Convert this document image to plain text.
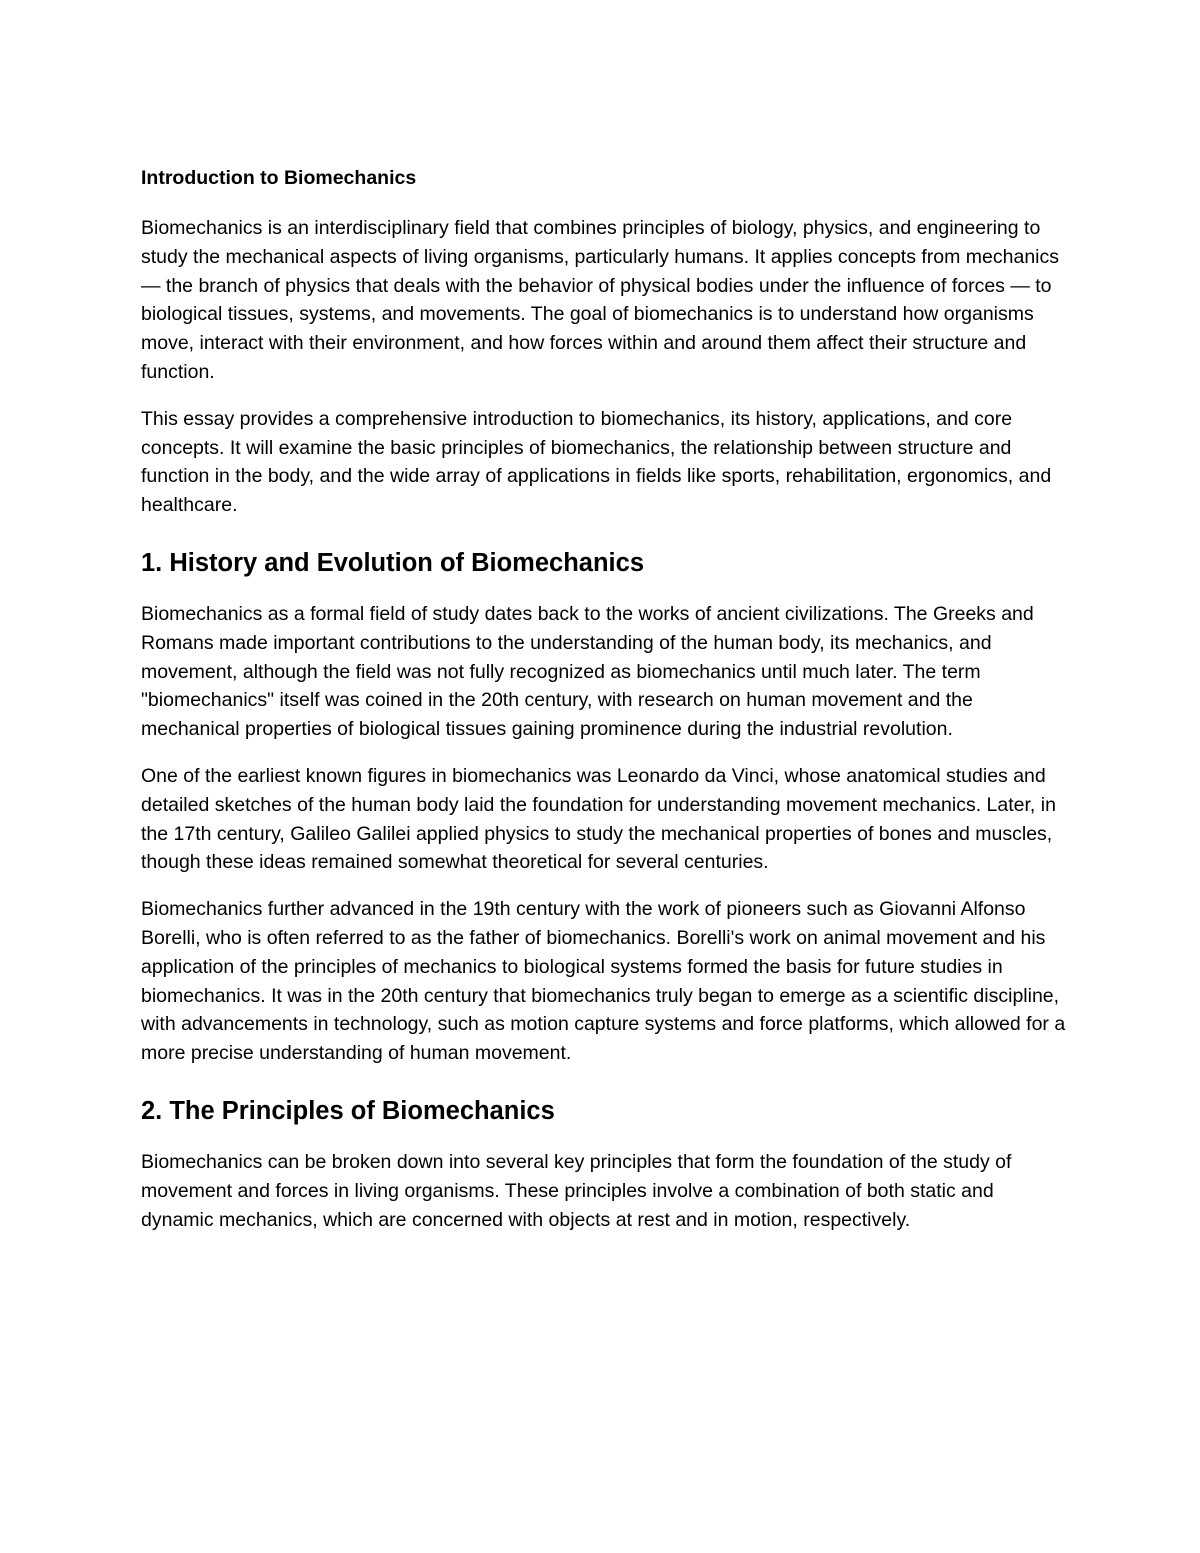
Introduction to Biomechanics

Biomechanics is an interdisciplinary field that combines principles of biology, physics, and engineering to study the mechanical aspects of living organisms, particularly humans. It applies concepts from mechanics — the branch of physics that deals with the behavior of physical bodies under the influence of forces — to biological tissues, systems, and movements. The goal of biomechanics is to understand how organisms move, interact with their environment, and how forces within and around them affect their structure and function.

This essay provides a comprehensive introduction to biomechanics, its history, applications, and core concepts. It will examine the basic principles of biomechanics, the relationship between structure and function in the body, and the wide array of applications in fields like sports, rehabilitation, ergonomics, and healthcare.

1. History and Evolution of Biomechanics

Biomechanics as a formal field of study dates back to the works of ancient civilizations. The Greeks and Romans made important contributions to the understanding of the human body, its mechanics, and movement, although the field was not fully recognized as biomechanics until much later. The term "biomechanics" itself was coined in the 20th century, with research on human movement and the mechanical properties of biological tissues gaining prominence during the industrial revolution.

One of the earliest known figures in biomechanics was Leonardo da Vinci, whose anatomical studies and detailed sketches of the human body laid the foundation for understanding movement mechanics. Later, in the 17th century, Galileo Galilei applied physics to study the mechanical properties of bones and muscles, though these ideas remained somewhat theoretical for several centuries.

Biomechanics further advanced in the 19th century with the work of pioneers such as Giovanni Alfonso Borelli, who is often referred to as the father of biomechanics. Borelli's work on animal movement and his application of the principles of mechanics to biological systems formed the basis for future studies in biomechanics. It was in the 20th century that biomechanics truly began to emerge as a scientific discipline, with advancements in technology, such as motion capture systems and force platforms, which allowed for a more precise understanding of human movement.

2. The Principles of Biomechanics

Biomechanics can be broken down into several key principles that form the foundation of the study of movement and forces in living organisms. These principles involve a combination of both static and dynamic mechanics, which are concerned with objects at rest and in motion, respectively.
